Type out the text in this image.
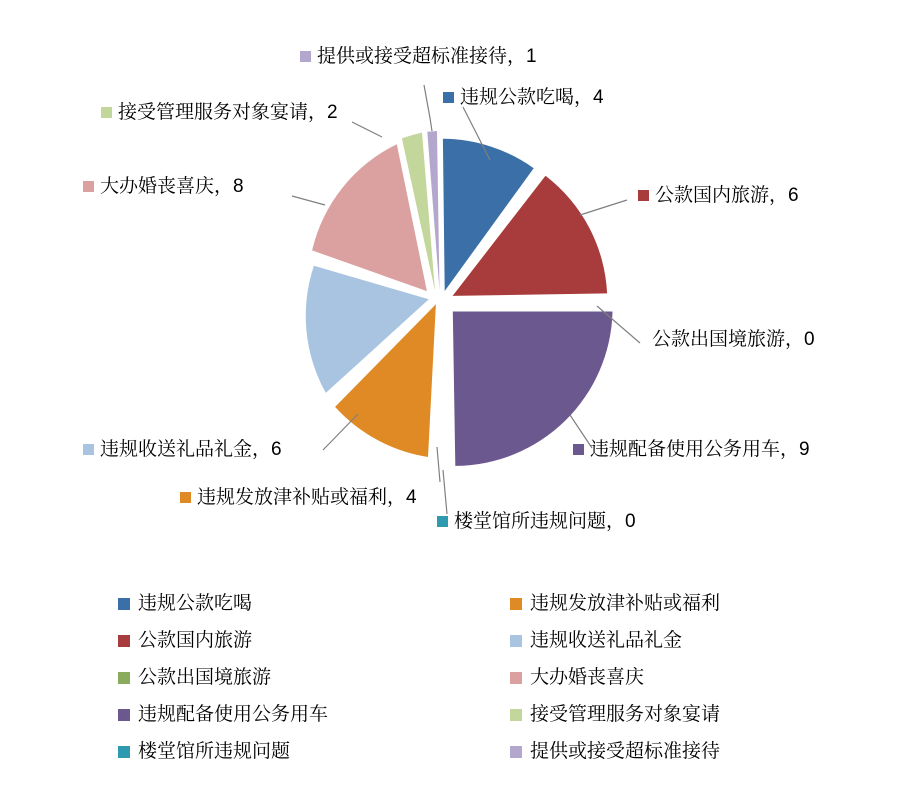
提供或接受超标准接待，1
违规公款吃喝，4
接受管理服务对象宴请，2
公款国内旅游，6
大办婚丧喜庆，8
公款出国境旅游，0
违规配备使用公务用车，9
违规收送礼品礼金，6
违规发放津补贴或福利，4
楼堂馆所违规问题，0
违规公款吃喝
公款国内旅游
公款出国境旅游
违规配备使用公务用车
楼堂馆所违规问题
违规发放津补贴或福利
违规收送礼品礼金
大办婚丧喜庆
接受管理服务对象宴请
提供或接受超标准接待
